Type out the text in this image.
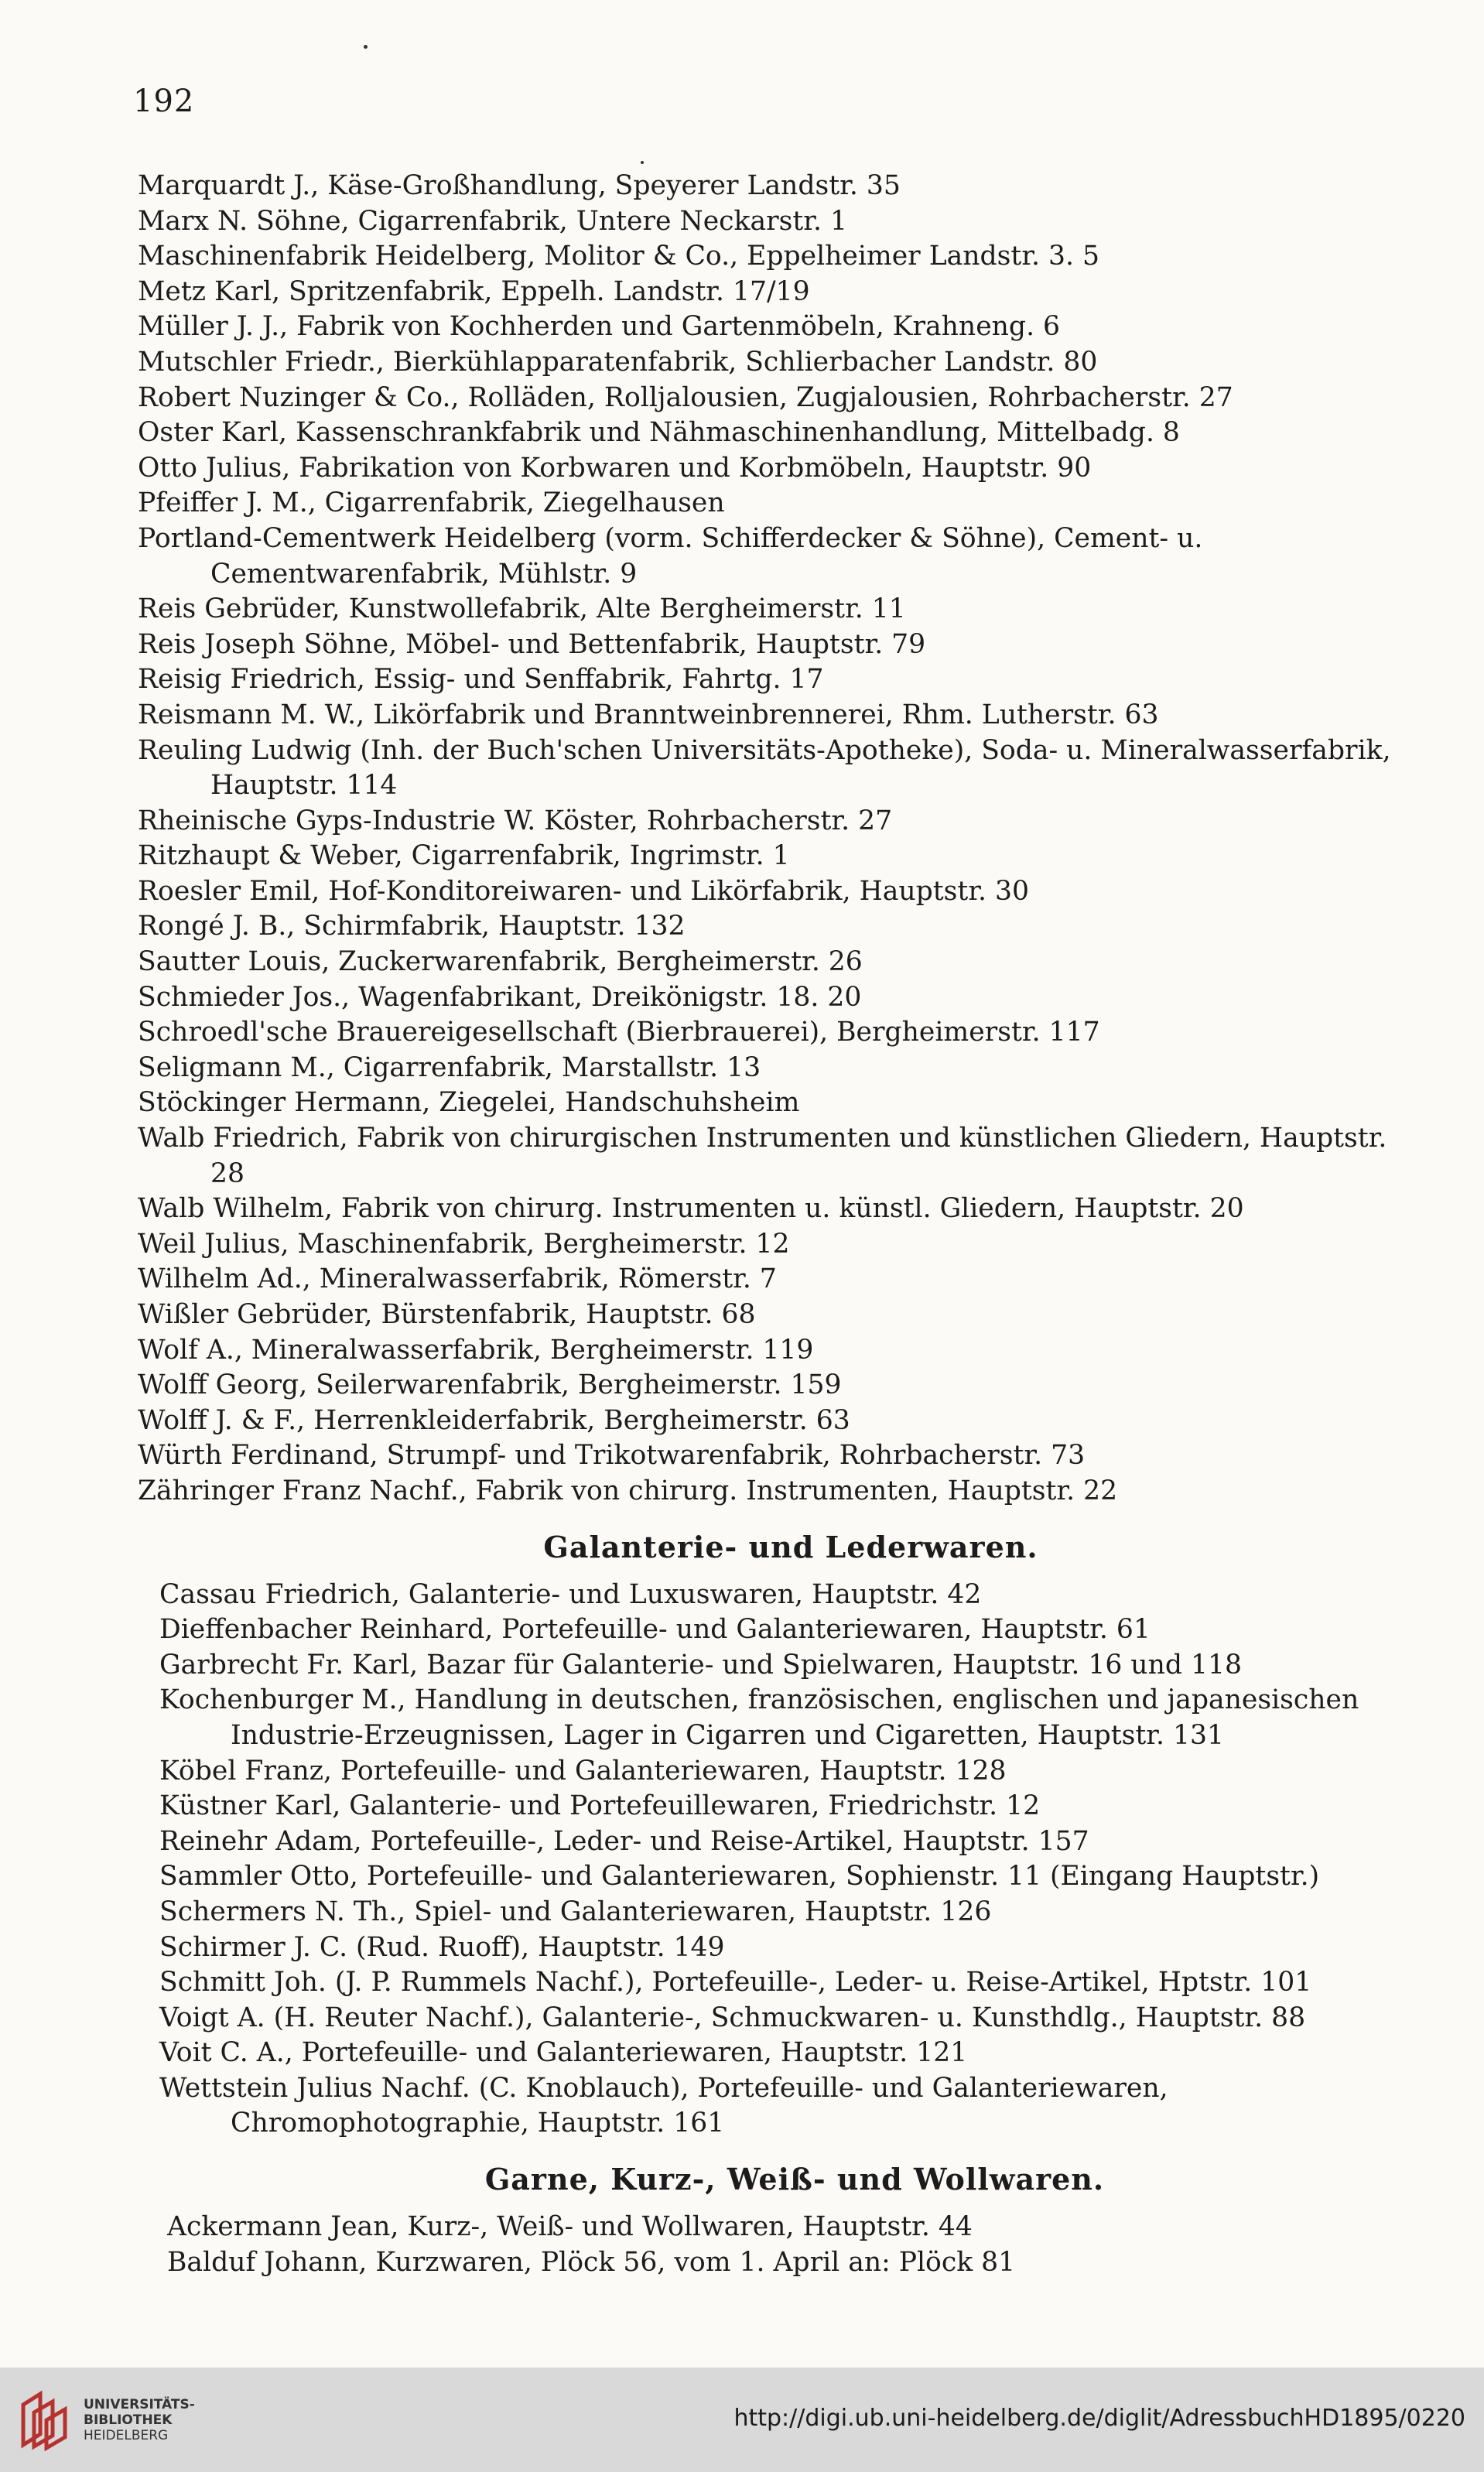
192

Marquardt J., Käse-Großhandlung, Speyerer Landstr. 35

Marx N. Söhne, Cigarrenfabrik, Untere Neckarstr. 1

Maschinenfabrik Heidelberg, Molitor & Co., Eppelheimer Landstr. 3. 5

Metz Karl, Spritzenfabrik, Eppelh. Landstr. 17/19

Müller J. J., Fabrik von Kochherden und Gartenmöbeln, Krahneng. 6

Mutschler Friedr., Bierkühlapparatenfabrik, Schlierbacher Landstr. 80

Robert Nuzinger & Co., Rolläden, Rolljalousien, Zugjalousien, Rohrbacherstr. 27

Oster Karl, Kassenschrankfabrik und Nähmaschinenhandlung, Mittelbadg. 8

Otto Julius, Fabrikation von Korbwaren und Korbmöbeln, Hauptstr. 90

Pfeiffer J. M., Cigarrenfabrik, Ziegelhausen

Portland-Cementwerk Heidelberg (vorm. Schifferdecker & Söhne), Cement- u. Cementwarenfabrik, Mühlstr. 9

Reis Gebrüder, Kunstwollefabrik, Alte Bergheimerstr. 11

Reis Joseph Söhne, Möbel- und Bettenfabrik, Hauptstr. 79

Reisig Friedrich, Essig- und Senffabrik, Fahrtg. 17

Reismann M. W., Likörfabrik und Branntweinbrennerei, Rhm. Lutherstr. 63

Reuling Ludwig (Inh. der Buch'schen Universitäts-Apotheke), Soda- u. Mineralwasserfabrik, Hauptstr. 114

Rheinische Gyps-Industrie W. Köster, Rohrbacherstr. 27

Ritzhaupt & Weber, Cigarrenfabrik, Ingrimstr. 1

Roesler Emil, Hof-Konditoreiwaren- und Likörfabrik, Hauptstr. 30

Rongé J. B., Schirmfabrik, Hauptstr. 132

Sautter Louis, Zuckerwarenfabrik, Bergheimerstr. 26

Schmieder Jos., Wagenfabrikant, Dreikönigstr. 18. 20

Schroedl'sche Brauereigesellschaft (Bierbrauerei), Bergheimerstr. 117

Seligmann M., Cigarrenfabrik, Marstallstr. 13

Stöckinger Hermann, Ziegelei, Handschuhsheim

Walb Friedrich, Fabrik von chirurgischen Instrumenten und künstlichen Gliedern, Hauptstr. 28

Walb Wilhelm, Fabrik von chirurg. Instrumenten u. künstl. Gliedern, Hauptstr. 20

Weil Julius, Maschinenfabrik, Bergheimerstr. 12

Wilhelm Ad., Mineralwasserfabrik, Römerstr. 7

Wißler Gebrüder, Bürstenfabrik, Hauptstr. 68

Wolf A., Mineralwasserfabrik, Bergheimerstr. 119

Wolff Georg, Seilerwarenfabrik, Bergheimerstr. 159

Wolff J. & F., Herrenkleiderfabrik, Bergheimerstr. 63

Würth Ferdinand, Strumpf- und Trikotwarenfabrik, Rohrbacherstr. 73

Zähringer Franz Nachf., Fabrik von chirurg. Instrumenten, Hauptstr. 22

Galanterie- und Lederwaren.

Cassau Friedrich, Galanterie- und Luxuswaren, Hauptstr. 42

Dieffenbacher Reinhard, Portefeuille- und Galanteriewaren, Hauptstr. 61

Garbrecht Fr. Karl, Bazar für Galanterie- und Spielwaren, Hauptstr. 16 und 118

Kochenburger M., Handlung in deutschen, französischen, englischen und japanesischen Industrie-Erzeugnissen, Lager in Cigarren und Cigaretten, Hauptstr. 131

Köbel Franz, Portefeuille- und Galanteriewaren, Hauptstr. 128

Küstner Karl, Galanterie- und Portefeuillewaren, Friedrichstr. 12

Reinehr Adam, Portefeuille-, Leder- und Reise-Artikel, Hauptstr. 157

Sammler Otto, Portefeuille- und Galanteriewaren, Sophienstr. 11 (Eingang Hauptstr.)

Schermers N. Th., Spiel- und Galanteriewaren, Hauptstr. 126

Schirmer J. C. (Rud. Ruoff), Hauptstr. 149

Schmitt Joh. (J. P. Rummels Nachf.), Portefeuille-, Leder- u. Reise-Artikel, Hptstr. 101

Voigt A. (H. Reuter Nachf.), Galanterie-, Schmuckwaren- u. Kunsthdlg., Hauptstr. 88

Voit C. A., Portefeuille- und Galanteriewaren, Hauptstr. 121

Wettstein Julius Nachf. (C. Knoblauch), Portefeuille- und Galanteriewaren, Chromophotographie, Hauptstr. 161

Garne, Kurz-, Weiß- und Wollwaren.

Ackermann Jean, Kurz-, Weiß- und Wollwaren, Hauptstr. 44

Balduf Johann, Kurzwaren, Plöck 56, vom 1. April an: Plöck 81

UNIVERSITÄTS-
BIBLIOTHEK
HEIDELBERG
http://digi.ub.uni-heidelberg.de/diglit/AdressbuchHD1895/0220
